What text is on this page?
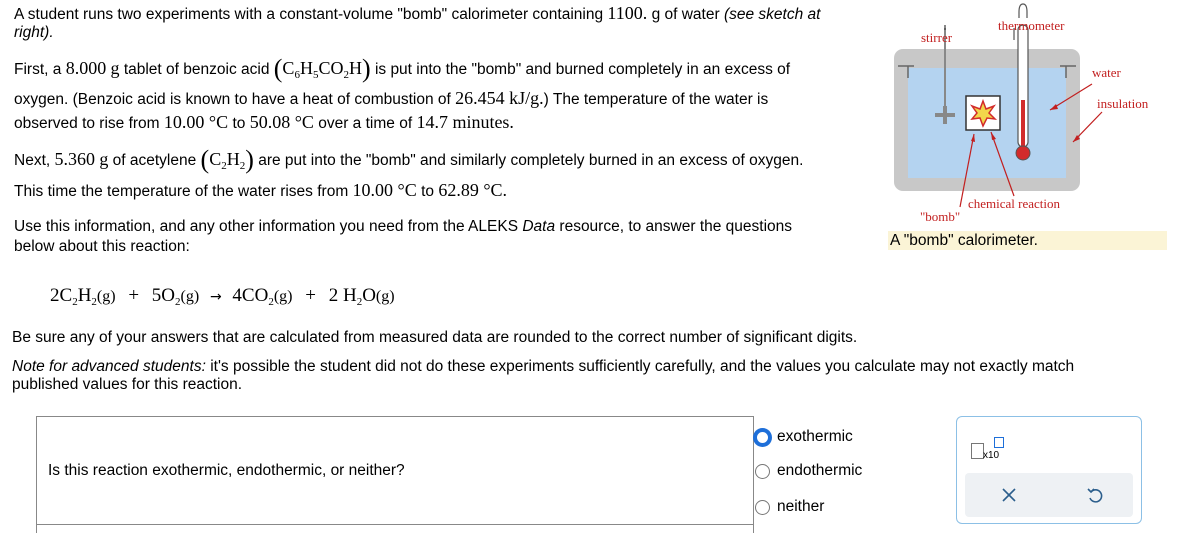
A student runs two experiments with a constant-volume "bomb" calorimeter containing 1100. g of water (see sketch at

right).

First, a 8.000 g tablet of benzoic acid $(C_6H_5CO_2H)$ is put into the "bomb" and burned completely in an excess of

oxygen. (Benzoic acid is known to have a heat of combustion of 26.454 kJ/g.) The temperature of the water is

observed to rise from 10.00 °C to 50.08 °C over a time of 14.7 minutes.

Next, 5.360 g of acetylene $(C_2H_2)$ are put into the "bomb" and similarly completely burned in an excess of oxygen.

This time the temperature of the water rises from 10.00 °C to 62.89 °C.

Use this information, and any other information you need from the ALEKS Data resource, to answer the questions
below about this reaction:

$2C_2H_2(g) + 5O_2(g) \to 4CO_2(g) + 2$ $H_2O(g)$

Be sure any of your answers that are calculated from measured data are rounded to the correct number of significant digits.

Note for advanced students: it's possible the student did not do these experiments sufficiently carefully, and the values you calculate may not exactly match
published values for this reaction.

stirrer
thermometer
water
insulation
"bomb"
chemical reaction
A "bomb" calorimeter.
Is this reaction exothermic, endothermic, or neither?
exothermic
endothermic
neither
x10
